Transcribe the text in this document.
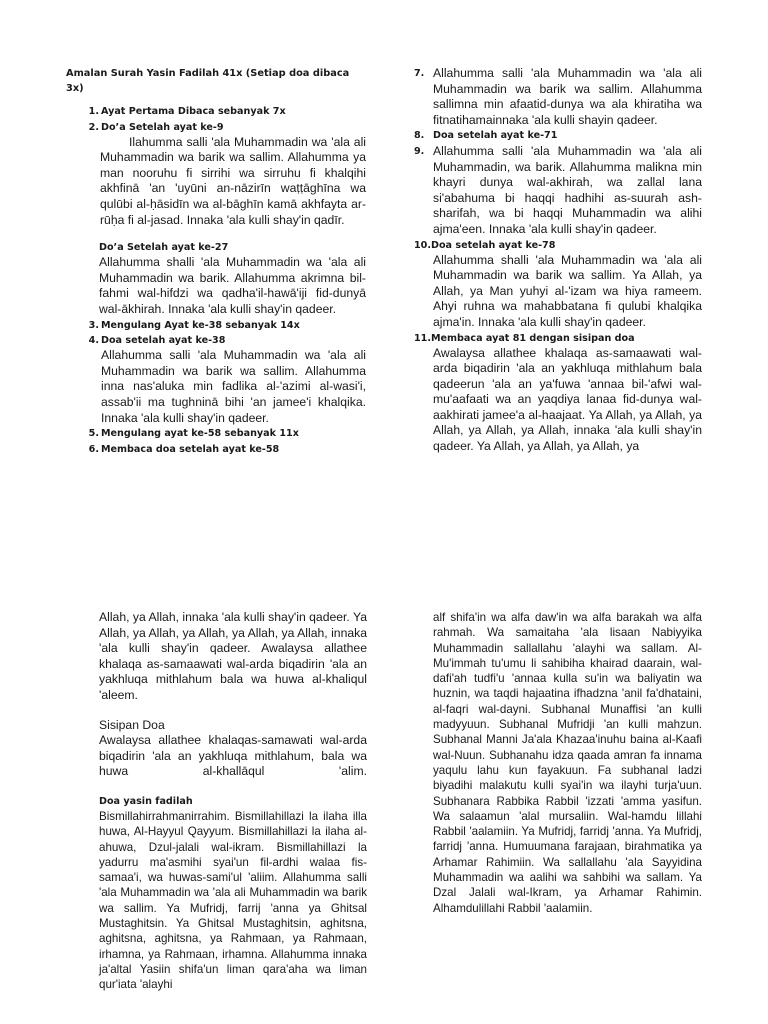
Amalan Surah Yasin Fadilah 41x (Setiap doa dibaca 3x)

1. Ayat Pertama Dibaca sebanyak 7x

2. Do’a Setelah ayat ke-9

Ilahumma salli 'ala Muhammadin wa 'ala ali Muhammadin wa barik wa sallim. Allahumma ya man nooruhu fi sirrihi wa sirruhu fi khalqihi akhfinā 'an 'uyūni an-nāzirīn waṭṭāghīna wa qulūbi al-ḥāsidīn wa al-bāghīn kamā akhfayta ar-rūḥa fi al-jasad. Innaka 'ala kulli shay'in qadīr.

Do’a Setelah ayat ke-27

Allahumma shalli 'ala Muhammadin wa 'ala ali Muhammadin wa barik. Allahumma akrimna bil-fahmi wal-hifdzi wa qadha'il-hawā'iji fid-dunyā wal-ākhirah. Innaka 'ala kulli shay'in qadeer.

3. Mengulang Ayat ke-38 sebanyak 14x

4. Doa setelah ayat ke-38

Allahumma salli 'ala Muhammadin wa 'ala ali Muhammadin wa barik wa sallim. Allahumma inna nas'aluka min fadlika al-'azimi al-wasi'i, assab'ii ma tughninā bihi 'an jamee'i khalqika. Innaka 'ala kulli shay'in qadeer.

5. Mengulang ayat ke-58 sebanyak 11x

6. Membaca doa setelah ayat ke-58

7. Allahumma salli 'ala Muhammadin wa 'ala ali Muhammadin wa barik wa sallim. Allahumma sallimna min afaatid-dunya wa ala khiratiha wa fitnatihamainnaka 'ala kulli shayin qadeer.

8. Doa setelah ayat ke-71

9. Allahumma salli 'ala Muhammadin wa 'ala ali Muhammadin, wa barik. Allahumma malikna min khayri dunya wal-akhirah, wa zallal lana si'abahuma bi haqqi hadhihi as-suurah ash-sharifah, wa bi haqqi Muhammadin wa alihi ajma'een. Innaka 'ala kulli shay'in qadeer.

10.Doa setelah ayat ke-78

Allahumma shalli 'ala Muhammadin wa 'ala ali Muhammadin wa barik wa sallim. Ya Allah, ya Allah, ya Man yuhyi al-'izam wa hiya rameem. Ahyi ruhna wa mahabbatana fi qulubi khalqika ajma'in. Innaka 'ala kulli shay'in qadeer.

11.Membaca ayat 81 dengan sisipan doa

Awalaysa allathee khalaqa as-samaawati wal-arda biqadirin 'ala an yakhluqa mithlahum bala qadeerun 'ala an ya'fuwa 'annaa bil-'afwi wal-mu'aafaati wa an yaqdiya lanaa fid-dunya wal-aakhirati jamee'a al-haajaat. Ya Allah, ya Allah, ya Allah, ya Allah, ya Allah, innaka 'ala kulli shay'in qadeer. Ya Allah, ya Allah, ya Allah, ya

Allah, ya Allah, innaka 'ala kulli shay'in qadeer. Ya Allah, ya Allah, ya Allah, ya Allah, ya Allah, innaka 'ala kulli shay'in qadeer. Awalaysa allathee khalaqa as-samaawati wal-arda biqadirin 'ala an yakhluqa mithlahum bala wa huwa al-khaliqul 'aleem.

Sisipan Doa

Awalaysa allathee khalaqas-samawati wal-arda biqadirin 'ala an yakhluqa mithlahum, bala wa huwa al-khallāqul 'alim.

Doa yasin fadilah

Bismillahirrahmanirrahim. Bismillahillazi la ilaha illa huwa, Al-Hayyul Qayyum. Bismillahillazi la ilaha al-ahuwa, Dzul-jalali wal-ikram. Bismillahillazi la yadurru ma'asmihi syai'un fil-ardhi walaa fis-samaa'i, wa huwas-sami'ul 'aliim. Allahumma salli 'ala Muhammadin wa 'ala ali Muhammadin wa barik wa sallim. Ya Mufridj, farrij 'anna ya Ghitsal Mustaghitsin. Ya Ghitsal Mustaghitsin, aghitsna, aghitsna, aghitsna, ya Rahmaan, ya Rahmaan, irhamna, ya Rahmaan, irhamna. Allahumma innaka ja'altal Yasiin shifa'un liman qara'aha wa liman qur'iata 'alayhi

alf shifa'in wa alfa daw'in wa alfa barakah wa alfa rahmah. Wa samaitaha 'ala lisaan Nabiyyika Muhammadin sallallahu 'alayhi wa sallam. Al-Mu'immah tu'umu li sahibiha khairad daarain, wal-dafi'ah tudfi'u 'annaa kulla su'in wa baliyatin wa huznin, wa taqdi hajaatina ifhadzna 'anil fa'dhataini, al-faqri wal-dayni. Subhanal Munaffisi 'an kulli madyyuun. Subhanal Mufridji 'an kulli mahzun. Subhanal Manni Ja'ala Khazaa'inuhu baina al-Kaafi wal-Nuun. Subhanahu idza qaada amran fa innama yaqulu lahu kun fayakuun. Fa subhanal ladzi biyadihi malakutu kulli syai'in wa ilayhi turja'uun. Subhanara Rabbika Rabbil 'izzati 'amma yasifun. Wa salaamun 'alal mursaliin. Wal-hamdu lillahi Rabbil 'aalamiin. Ya Mufridj, farridj 'anna. Ya Mufridj, farridj 'anna. Humuumana farajaan, birahmatika ya Arhamar Rahimiin. Wa sallallahu 'ala Sayyidina Muhammadin wa aalihi wa sahbihi wa sallam. Ya Dzal Jalali wal-Ikram, ya Arhamar Rahimin. Alhamdulillahi Rabbil 'aalamiin.
